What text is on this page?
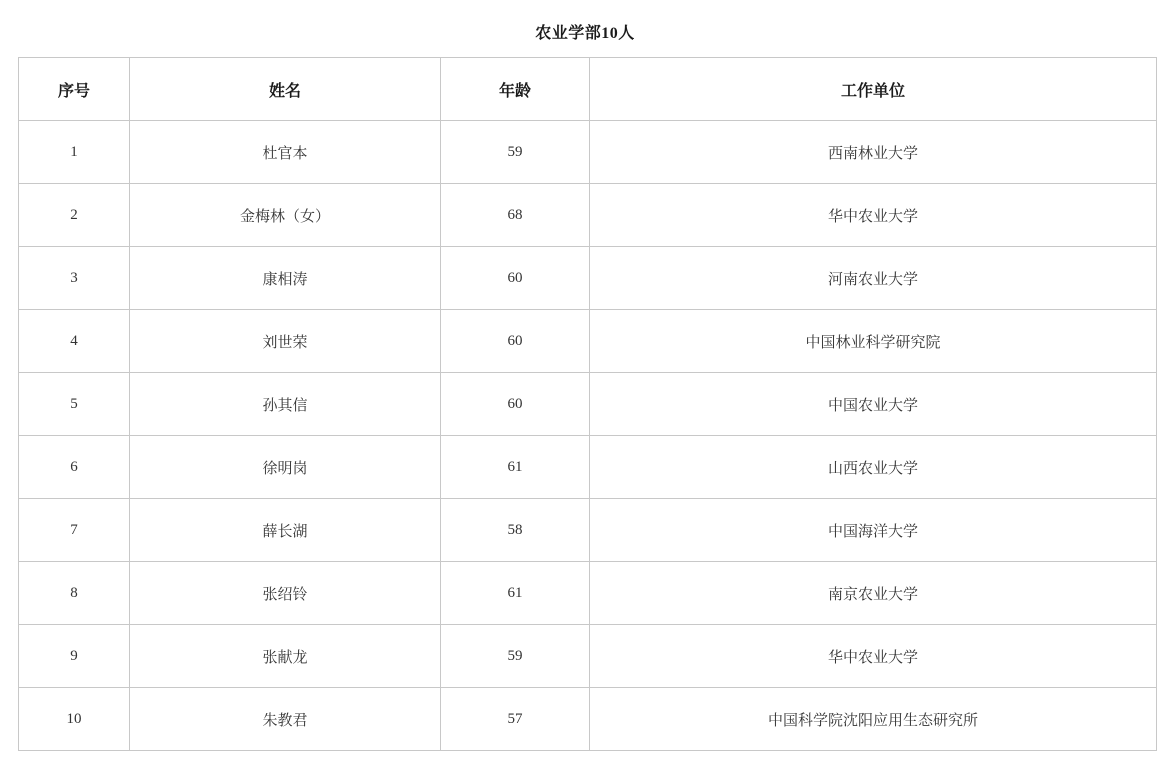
农业学部10人
序号	姓名	年龄	工作单位
1	杜官本	59	西南林业大学
2	金梅林（女）	68	华中农业大学
3	康相涛	60	河南农业大学
4	刘世荣	60	中国林业科学研究院
5	孙其信	60	中国农业大学
6	徐明岗	61	山西农业大学
7	薛长湖	58	中国海洋大学
8	张绍铃	61	南京农业大学
9	张献龙	59	华中农业大学
10	朱教君	57	中国科学院沈阳应用生态研究所
